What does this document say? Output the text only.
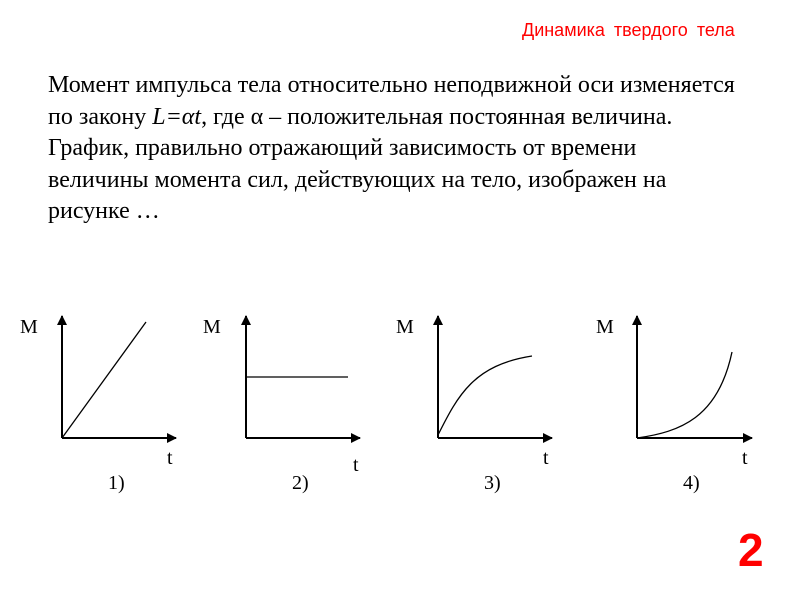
Динамика твердого тела
Момент импульса тела относительно неподвижной оси изменяется по закону L=αt, где α – положительная постоянная величина. График, правильно отражающий зависимость от времени величины момента сил, действующих на тело, изображен на рисунке …
M
t
1)
M
t
2)
M
t
3)
M
t
4)
2
